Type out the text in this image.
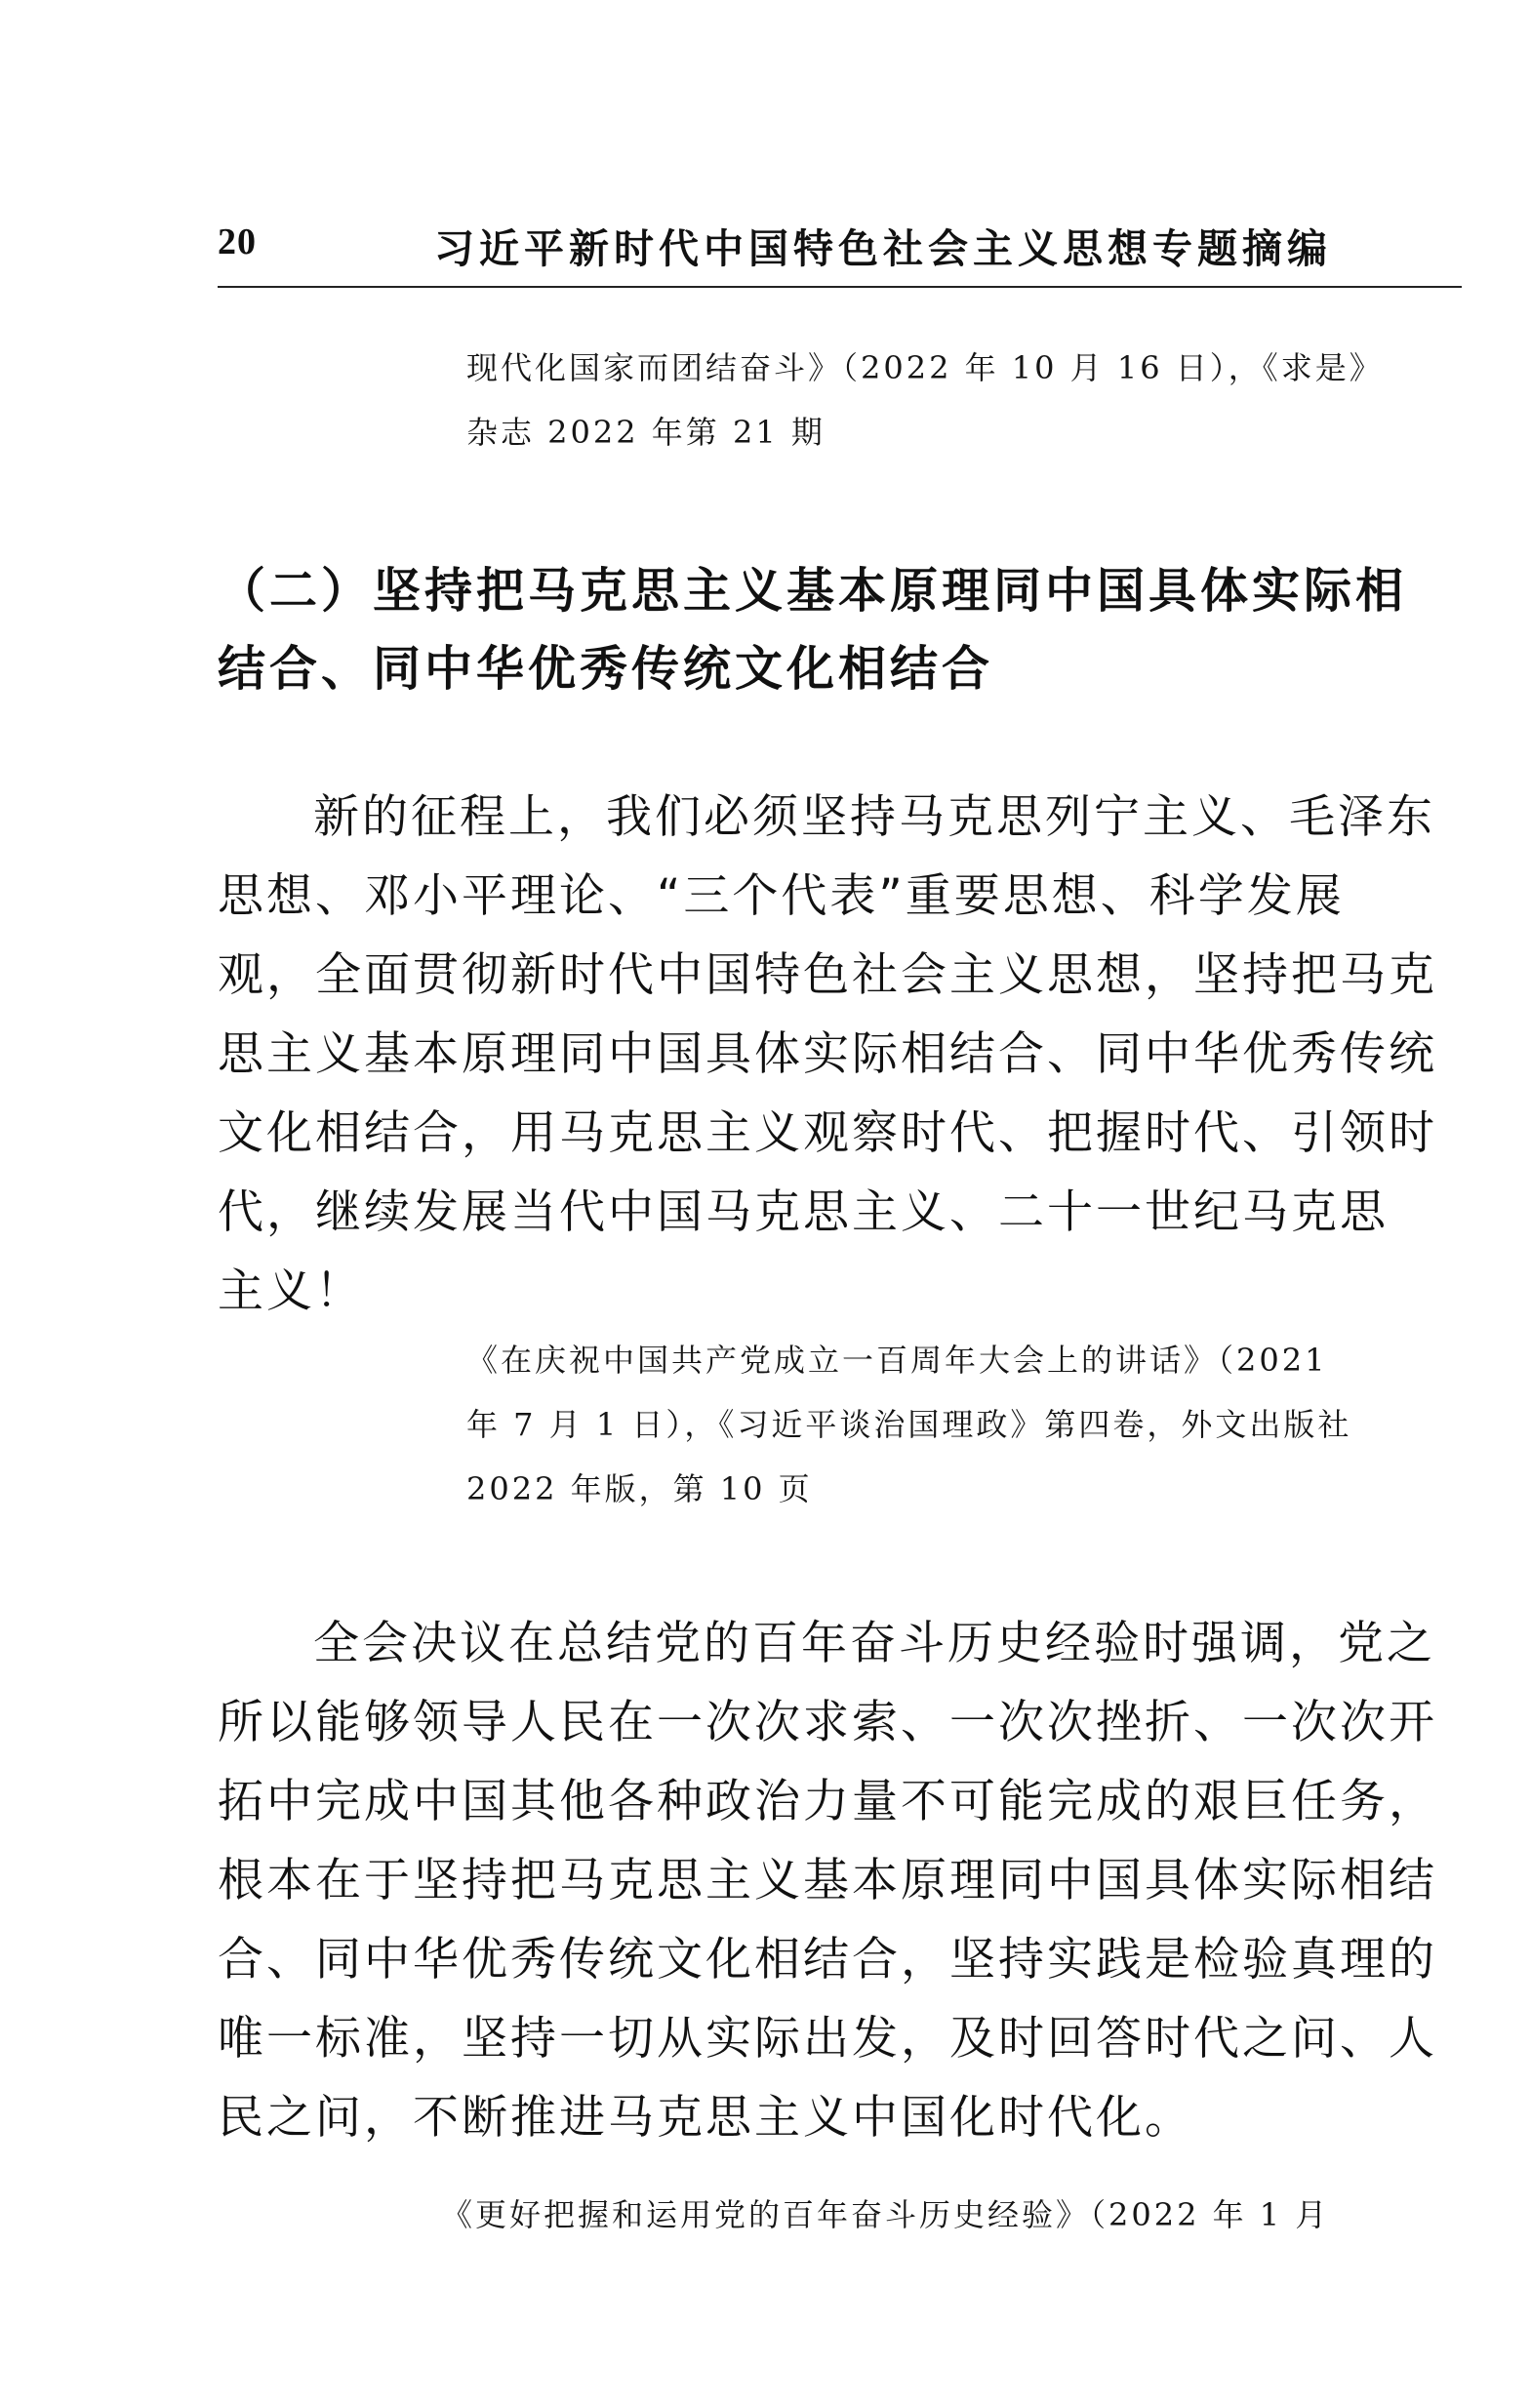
20	习近平新时代中国特色社会主义思想专题摘编
现代化国家而团结奋斗》（2022 年 10 月 16 日），《求是》
杂志 2022 年第 21 期
（二）坚持把马克思主义基本原理同中国具体实际相
结合、同中华优秀传统文化相结合
新的征程上，我们必须坚持马克思列宁主义、毛泽东
思想、邓小平理论、“三个代表”重要思想、科学发展
观，全面贯彻新时代中国特色社会主义思想，坚持把马克
思主义基本原理同中国具体实际相结合、同中华优秀传统
文化相结合，用马克思主义观察时代、把握时代、引领时
代，继续发展当代中国马克思主义、二十一世纪马克思
主义！
《在庆祝中国共产党成立一百周年大会上的讲话》（2021
年 7 月 1 日），《习近平谈治国理政》第四卷，外文出版社
2022 年版，第 10 页
全会决议在总结党的百年奋斗历史经验时强调，党之
所以能够领导人民在一次次求索、一次次挫折、一次次开
拓中完成中国其他各种政治力量不可能完成的艰巨任务，
根本在于坚持把马克思主义基本原理同中国具体实际相结
合、同中华优秀传统文化相结合，坚持实践是检验真理的
唯一标准，坚持一切从实际出发，及时回答时代之问、人
民之问，不断推进马克思主义中国化时代化。
《更好把握和运用党的百年奋斗历史经验》（2022 年 1 月
